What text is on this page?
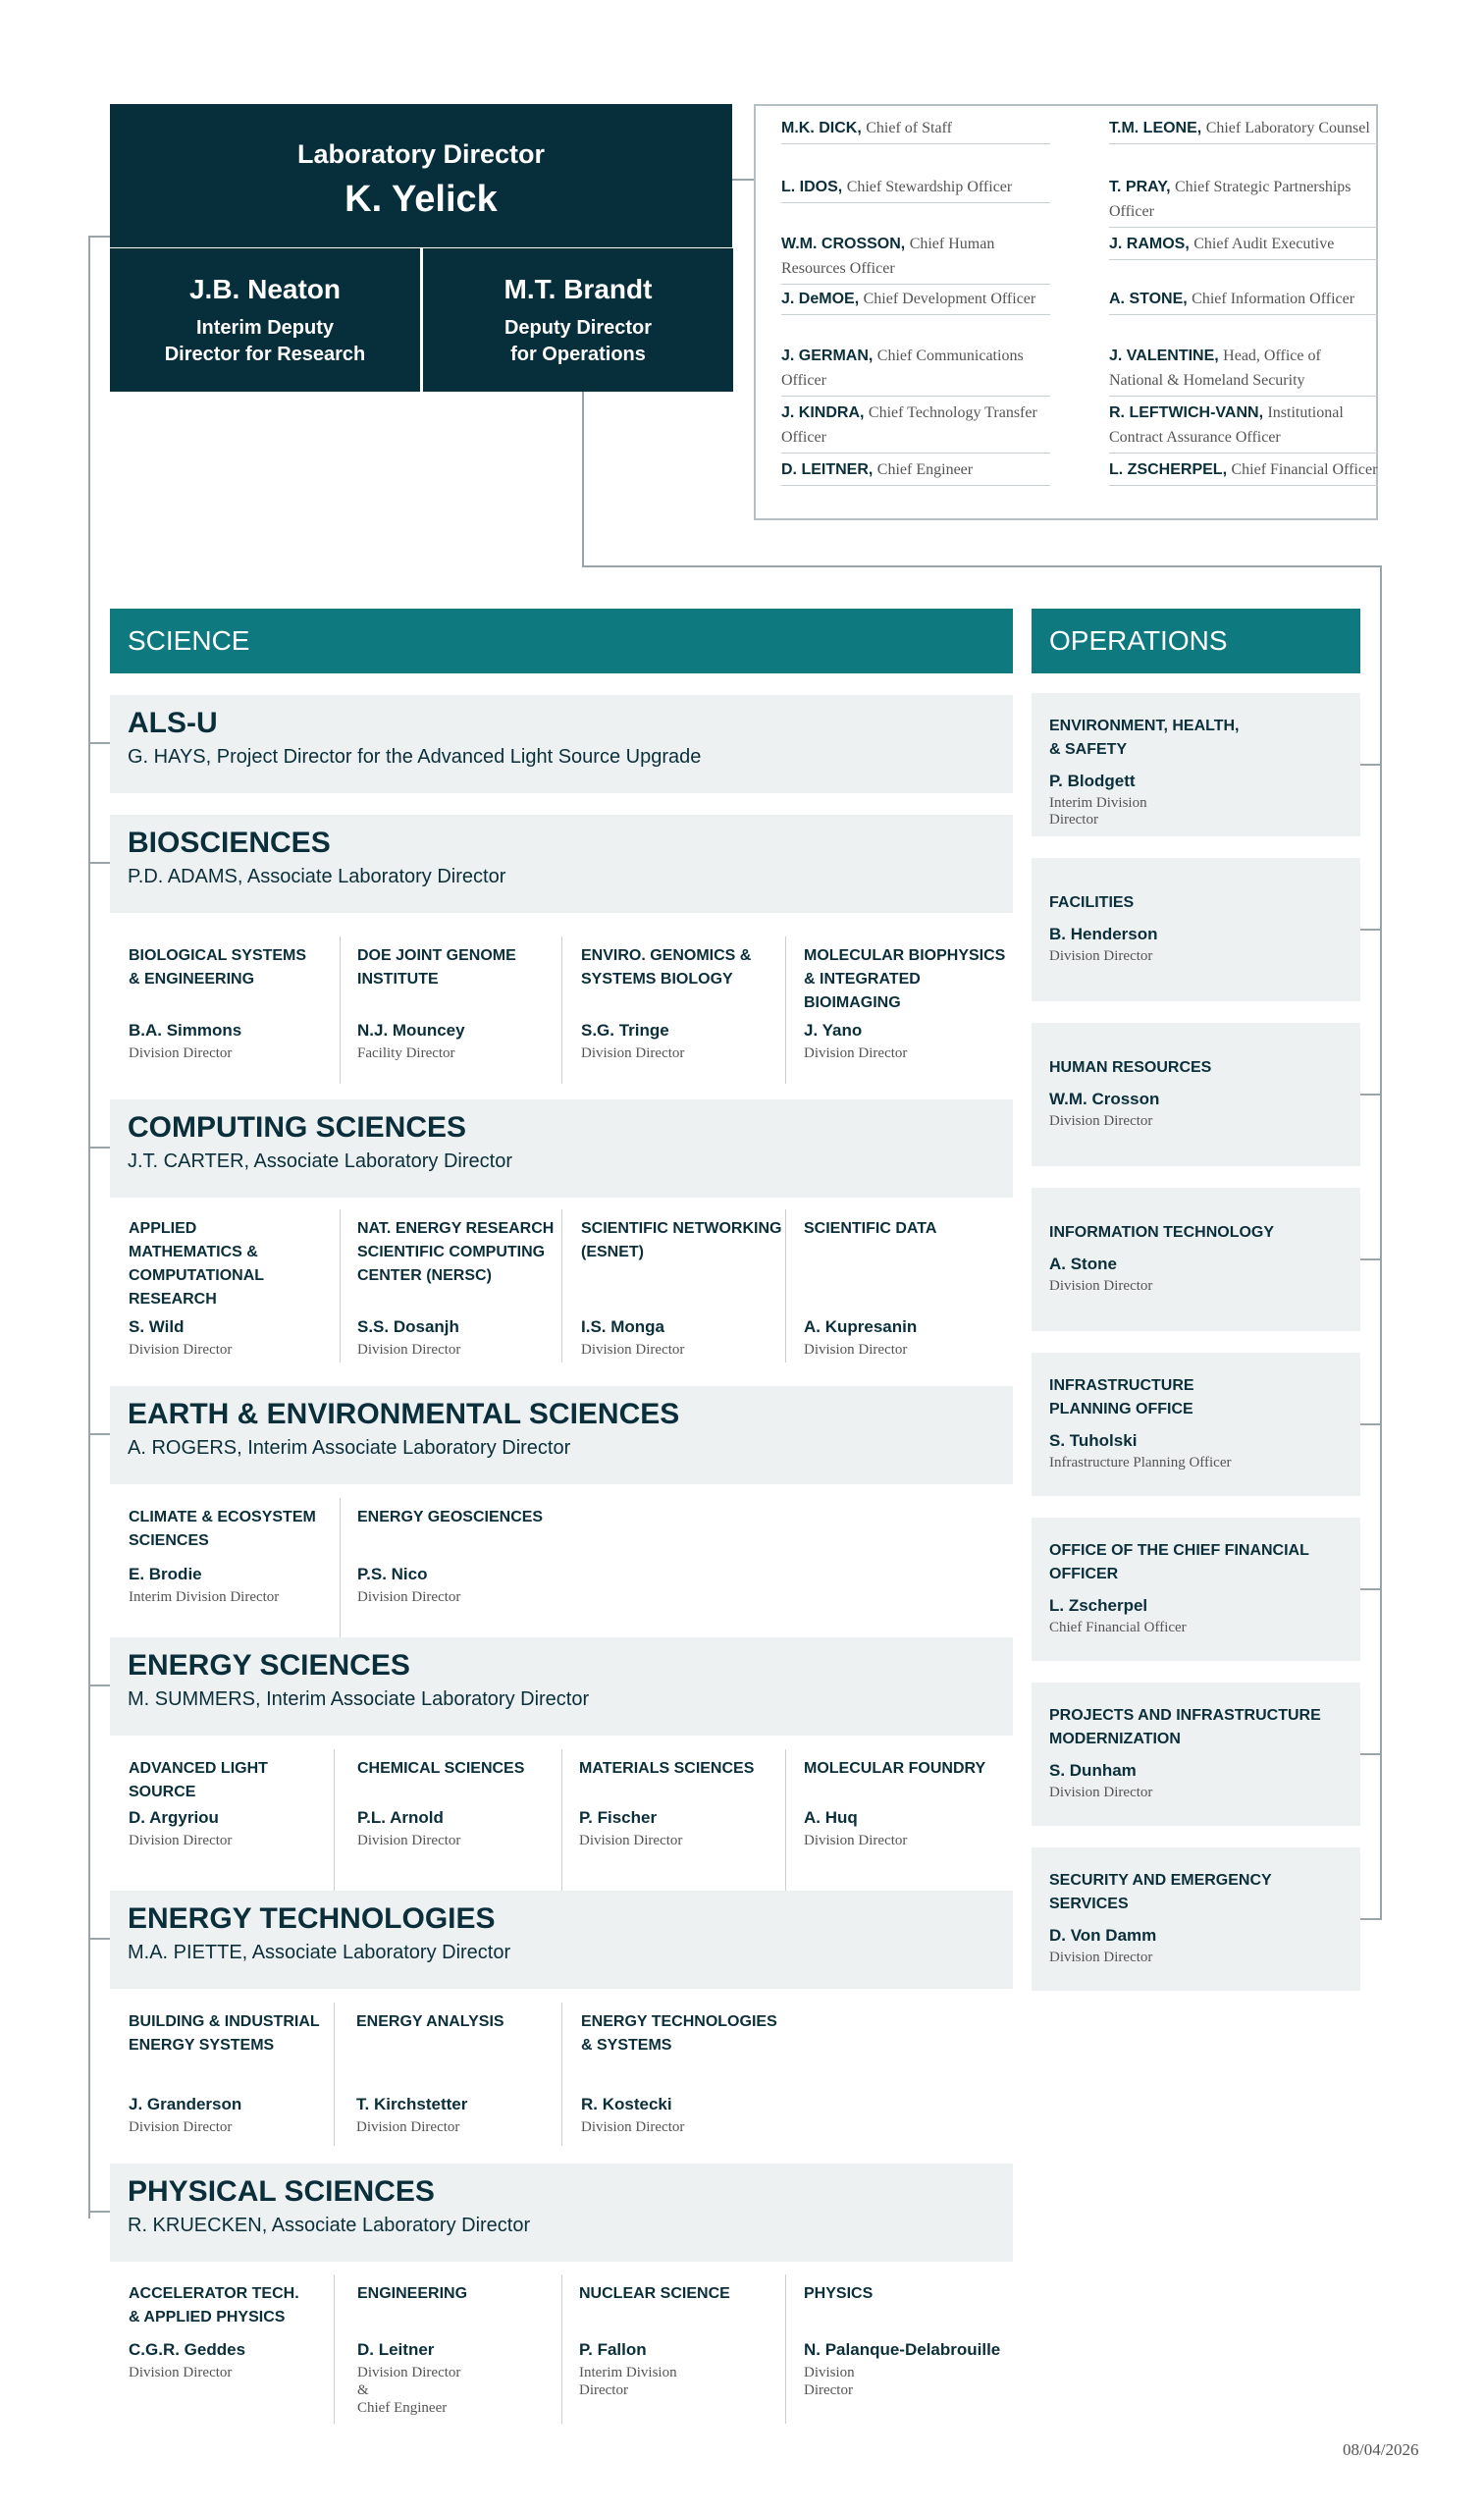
Laboratory Director
K. Yelick
J.B. Neaton
Interim Deputy
Director for Research
M.T. Brandt
Deputy Director
for Operations
M.K. DICK, Chief of Staff
L. IDOS, Chief Stewardship Officer
W.M. CROSSON, Chief Human Resources Officer
J. DeMOE, Chief Development Officer
J. GERMAN, Chief Communications Officer
J. KINDRA, Chief Technology Transfer Officer
D. LEITNER, Chief Engineer
T.M. LEONE, Chief Laboratory Counsel
T. PRAY, Chief Strategic Partnerships Officer
J. RAMOS, Chief Audit Executive
A. STONE, Chief Information Officer
J. VALENTINE, Head, Office of National & Homeland Security
R. LEFTWICH-VANN, Institutional Contract Assurance Officer
L. ZSCHERPEL, Chief Financial Officer
SCIENCE	OPERATIONS
ALS-U
G. HAYS, Project Director for the Advanced Light Source Upgrade
BIOSCIENCES
P.D. ADAMS, Associate Laboratory Director
BIOLOGICAL SYSTEMS
& ENGINEERING
B.A. Simmons
Division Director
DOE JOINT GENOME
INSTITUTE
N.J. Mouncey
Facility Director
ENVIRO. GENOMICS &
SYSTEMS BIOLOGY
S.G. Tringe
Division Director
MOLECULAR BIOPHYSICS
& INTEGRATED
BIOIMAGING
J. Yano
Division Director
COMPUTING SCIENCES
J.T. CARTER, Associate Laboratory Director
APPLIED
MATHEMATICS &
COMPUTATIONAL
RESEARCH
S. Wild
Division Director
NAT. ENERGY RESEARCH
SCIENTIFIC COMPUTING
CENTER (NERSC)
S.S. Dosanjh
Division Director
SCIENTIFIC NETWORKING
(ESNET)
I.S. Monga
Division Director
SCIENTIFIC DATA
A. Kupresanin
Division Director
EARTH & ENVIRONMENTAL SCIENCES
A. ROGERS, Interim Associate Laboratory Director
CLIMATE & ECOSYSTEM
SCIENCES
E. Brodie
Interim Division Director
ENERGY GEOSCIENCES
P.S. Nico
Division Director
ENERGY SCIENCES
M. SUMMERS, Interim Associate Laboratory Director
ADVANCED LIGHT
SOURCE
D. Argyriou
Division Director
CHEMICAL SCIENCES
P.L. Arnold
Division Director
MATERIALS SCIENCES
P. Fischer
Division Director
MOLECULAR FOUNDRY
A. Huq
Division Director
ENERGY TECHNOLOGIES
M.A. PIETTE, Associate Laboratory Director
BUILDING & INDUSTRIAL
ENERGY SYSTEMS
J. Granderson
Division Director
ENERGY ANALYSIS
T. Kirchstetter
Division Director
ENERGY TECHNOLOGIES
& SYSTEMS
R. Kostecki
Division Director
PHYSICAL SCIENCES
R. KRUECKEN, Associate Laboratory Director
ACCELERATOR TECH.
& APPLIED PHYSICS
C.G.R. Geddes
Division Director
ENGINEERING
D. Leitner
Division Director &
Chief Engineer
NUCLEAR SCIENCE
P. Fallon
Interim Division
Director
PHYSICS
N. Palanque-Delabrouille
Division Director
ENVIRONMENT, HEALTH,
& SAFETY
P. Blodgett
Interim Division
Director
FACILITIES
B. Henderson
Division Director
HUMAN RESOURCES
W.M. Crosson
Division Director
INFORMATION TECHNOLOGY
A. Stone
Division Director
INFRASTRUCTURE
PLANNING OFFICE
S. Tuholski
Infrastructure Planning Officer
OFFICE OF THE CHIEF FINANCIAL
OFFICER
L. Zscherpel
Chief Financial Officer
PROJECTS AND INFRASTRUCTURE
MODERNIZATION
S. Dunham
Division Director
SECURITY AND EMERGENCY
SERVICES
D. Von Damm
Division Director
08/04/2026
